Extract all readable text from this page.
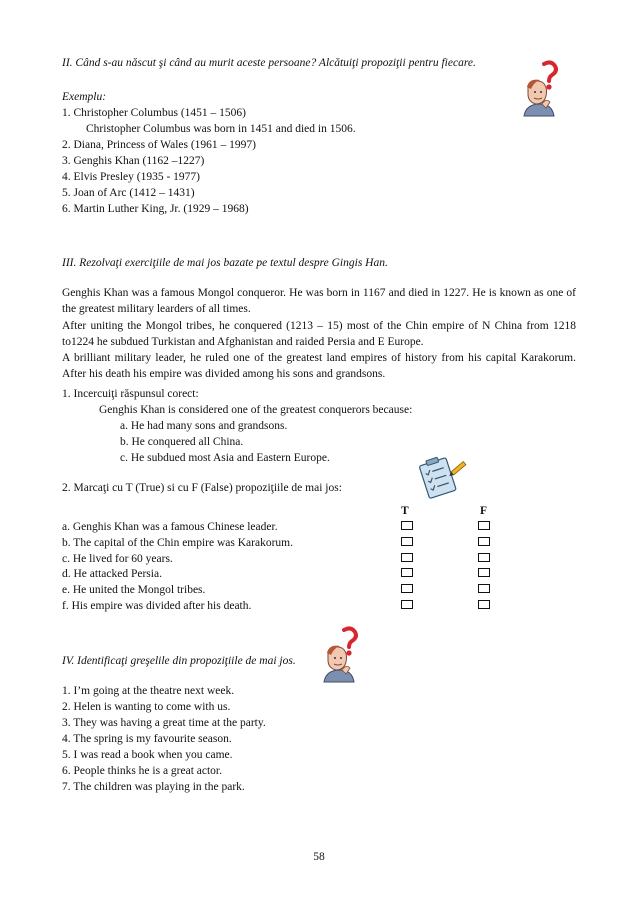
II. Când s-au născut şi când au murit aceste persoane? Alcătuiţi propoziţii pentru fiecare.
Exemplu:
1. Christopher Columbus (1451 – 1506)
Christopher Columbus was born in 1451 and died in 1506.
2. Diana, Princess of Wales (1961 – 1997)
3. Genghis Khan (1162 –1227)
4. Elvis Presley (1935 - 1977)
5. Joan of Arc (1412 – 1431)
6. Martin Luther King, Jr. (1929 – 1968)
III. Rezolvaţi exerciţiile de mai jos bazate pe textul despre Gingis Han.

Genghis Khan was a famous Mongol conqueror. He was born in 1167 and died in 1227. He is known as one of the greatest military learders of all times.

After uniting the Mongol tribes, he conquered (1213 – 15) most of the Chin empire of N China from 1218 to1224 he subdued Turkistan and Afghanistan and raided Persia and E Europe.

A brilliant military leader, he ruled one of the greatest land empires of history from his capital Karakorum. After his death his empire was divided among his sons and grandsons.

1. Incercuiţi răspunsul corect:
Genghis Khan is considered one of the greatest conquerors because:
a. He had many sons and grandsons.
b. He conquered all China.
c. He subdued most Asia and Eastern Europe.
2. Marcaţi cu T (True) si cu F (False) propoziţiile de mai jos:
T	F
a. Genghis Khan was a famous Chinese leader.
b. The capital of the Chin empire was Karakorum.
c. He lived for 60 years.
d. He attacked Persia.
e. He united the Mongol tribes.
f. His empire was divided after his death.
IV. Identificaţi greşelile din propoziţiile de mai jos.
1. I’m going at the theatre next week.
2. Helen is wanting to come with us.
3. They was having a great time at the party.
4. The spring is my favourite season.
5. I was read a book when you came.
6. People thinks he is a great actor.
7. The children was playing in the park.
58
